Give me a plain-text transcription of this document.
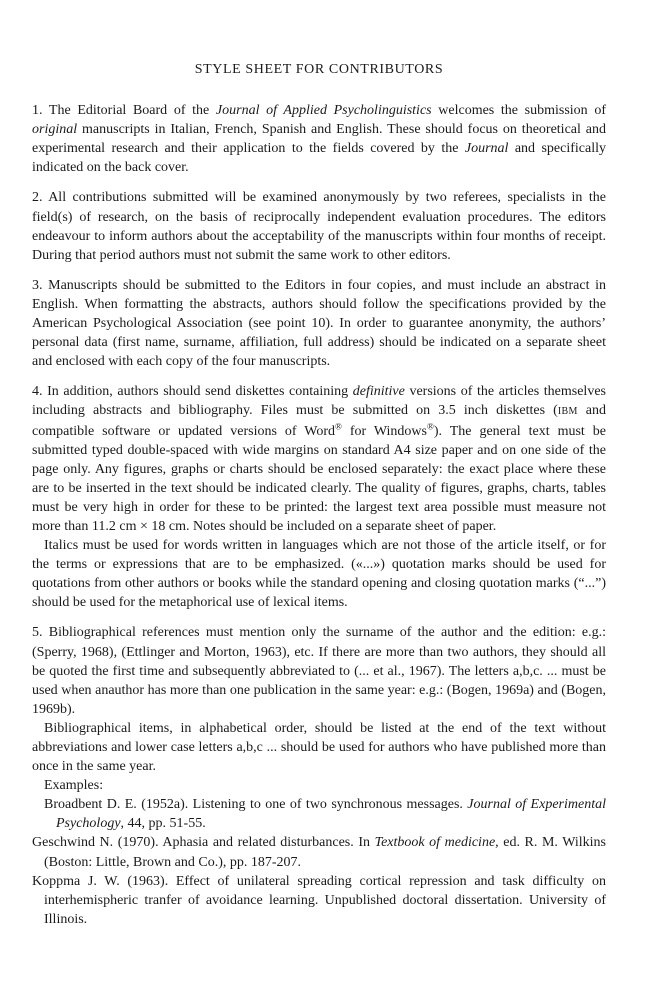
STYLE SHEET FOR CONTRIBUTORS

1. The Editorial Board of the Journal of Applied Psycholinguistics welcomes the submission of original manuscripts in Italian, French, Spanish and English. These should focus on theoretical and experimental research and their application to the fields covered by the Journal and specifically indicated on the back cover.

2. All contributions submitted will be examined anonymously by two referees, specialists in the field(s) of research, on the basis of reciprocally independent evaluation procedures. The editors endeavour to inform authors about the acceptability of the manuscripts within four months of receipt. During that period authors must not submit the same work to other editors.

3. Manuscripts should be submitted to the Editors in four copies, and must include an abstract in English. When formatting the abstracts, authors should follow the specifications provided by the American Psychological Association (see point 10). In order to guarantee anonymity, the authors’ personal data (first name, surname, affiliation, full address) should be indicated on a separate sheet and enclosed with each copy of the four manuscripts.

4. In addition, authors should send diskettes containing definitive versions of the articles themselves including abstracts and bibliography. Files must be submitted on 3.5 inch diskettes (IBM and compatible software or updated versions of Word® for Windows®). The general text must be submitted typed double-spaced with wide margins on standard A4 size paper and on one side of the page only. Any figures, graphs or charts should be enclosed separately: the exact place where these are to be inserted in the text should be indicated clearly. The quality of figures, graphs, charts, tables must be very high in order for these to be printed: the largest text area possible must measure not more than 11.2 cm × 18 cm. Notes should be included on a separate sheet of paper.

Italics must be used for words written in languages which are not those of the article itself, or for the terms or expressions that are to be emphasized. («...») quotation marks should be used for quotations from other authors or books while the standard opening and closing quotation marks (“...”) should be used for the metaphorical use of lexical items.

5. Bibliographical references must mention only the surname of the author and the edition: e.g.: (Sperry, 1968), (Ettlinger and Morton, 1963), etc. If there are more than two authors, they should all be quoted the first time and subsequently abbreviated to (... et al., 1967). The letters a,b,c. ... must be used when anauthor has more than one publication in the same year: e.g.: (Bogen, 1969a) and (Bogen, 1969b).

Bibliographical items, in alphabetical order, should be listed at the end of the text without abbreviations and lower case letters a,b,c ... should be used for authors who have published more than once in the same year.

Examples:

Broadbent D. E. (1952a). Listening to one of two synchronous messages. Journal of Experimental Psychology, 44, pp. 51-55.

Geschwind N. (1970). Aphasia and related disturbances. In Textbook of medicine, ed. R. M. Wilkins (Boston: Little, Brown and Co.), pp. 187-207.

Koppma J. W. (1963). Effect of unilateral spreading cortical repression and task difficulty on interhemispheric tranfer of avoidance learning. Unpublished doctoral dissertation. University of Illinois.
